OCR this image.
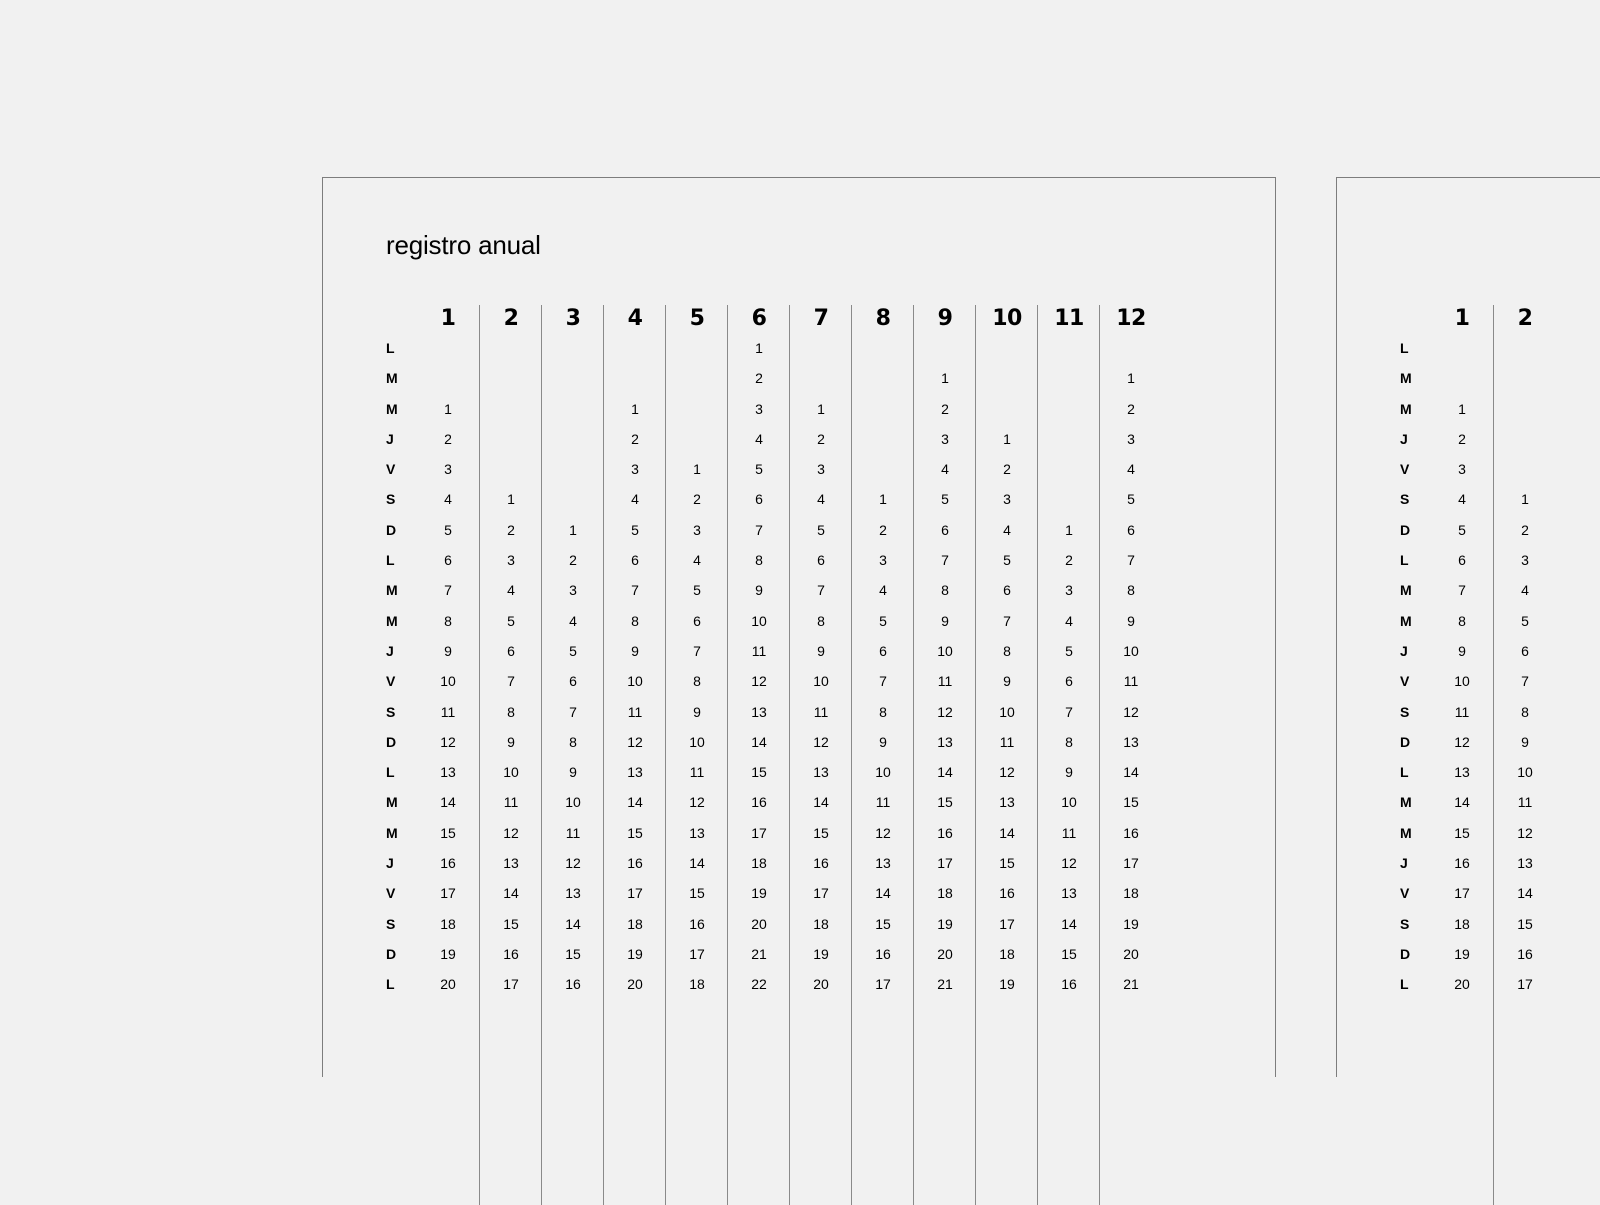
registro anual
L
M
M
J
V
S
D
L
M
M
J
V
S
D
L
M
M
J
V
S
D
L
1
1
2
3
4
5
6
7
8
9
10
11
12
13
14
15
16
17
18
19
20
2
1
2
3
4
5
6
7
8
9
10
11
12
13
14
15
16
17
3
1
2
3
4
5
6
7
8
9
10
11
12
13
14
15
16
4
1
2
3
4
5
6
7
8
9
10
11
12
13
14
15
16
17
18
19
20
5
1
2
3
4
5
6
7
8
9
10
11
12
13
14
15
16
17
18
6
1
2
3
4
5
6
7
8
9
10
11
12
13
14
15
16
17
18
19
20
21
22
7
1
2
3
4
5
6
7
8
9
10
11
12
13
14
15
16
17
18
19
20
8
1
2
3
4
5
6
7
8
9
10
11
12
13
14
15
16
17
9
1
2
3
4
5
6
7
8
9
10
11
12
13
14
15
16
17
18
19
20
21
10
1
2
3
4
5
6
7
8
9
10
11
12
13
14
15
16
17
18
19
11
1
2
3
4
5
6
7
8
9
10
11
12
13
14
15
16
12
1
2
3
4
5
6
7
8
9
10
11
12
13
14
15
16
17
18
19
20
21
L
M
M
J
V
S
D
L
M
M
J
V
S
D
L
M
M
J
V
S
D
L
1
1
2
3
4
5
6
7
8
9
10
11
12
13
14
15
16
17
18
19
20
2
1
2
3
4
5
6
7
8
9
10
11
12
13
14
15
16
17
